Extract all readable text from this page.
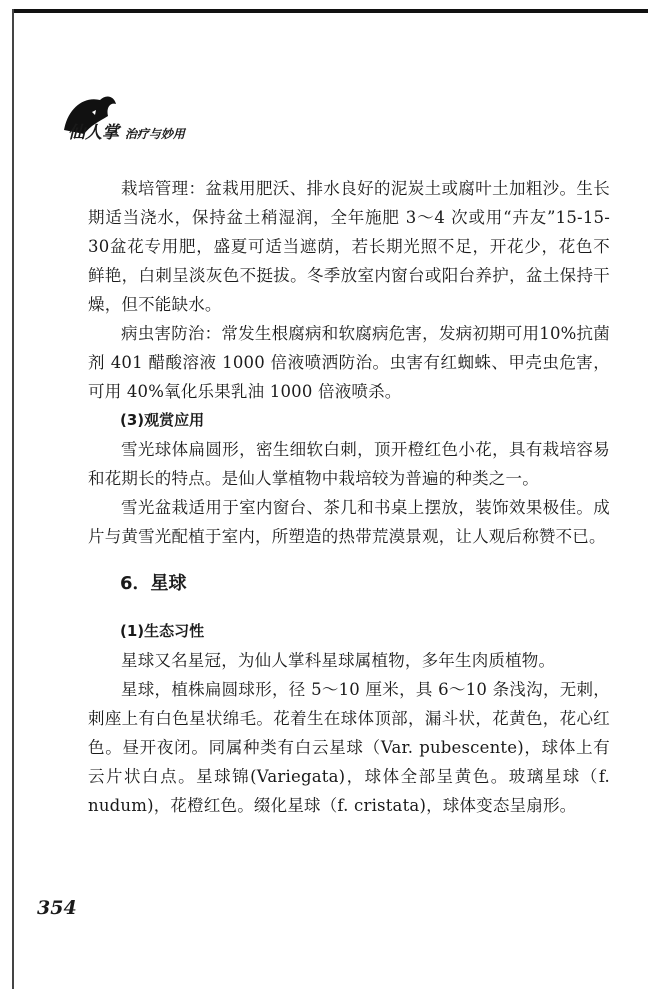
仙人掌 治疗与妙用

栽培管理：盆栽用肥沃、排水良好的泥炭土或腐叶土加粗沙。生长期适当浇水，保持盆土稍湿润，全年施肥 3～4 次或用“卉友”15-15-30盆花专用肥，盛夏可适当遮荫，若长期光照不足，开花少，花色不鲜艳，白刺呈淡灰色不挺拔。冬季放室内窗台或阳台养护，盆土保持干燥，但不能缺水。

病虫害防治：常发生根腐病和软腐病危害，发病初期可用10%抗菌剂 401 醋酸溶液 1000 倍液喷洒防治。虫害有红蜘蛛、甲壳虫危害，可用 40%氧化乐果乳油 1000 倍液喷杀。

(3)观赏应用

雪光球体扁圆形，密生细软白刺，顶开橙红色小花，具有栽培容易和花期长的特点。是仙人掌植物中栽培较为普遍的种类之一。

雪光盆栽适用于室内窗台、茶几和书桌上摆放，装饰效果极佳。成片与黄雪光配植于室内，所塑造的热带荒漠景观，让人观后称赞不已。

6．星球

(1)生态习性

星球又名星冠，为仙人掌科星球属植物，多年生肉质植物。

星球，植株扁圆球形，径 5～10 厘米，具 6～10 条浅沟，无刺，刺座上有白色星状绵毛。花着生在球体顶部，漏斗状，花黄色，花心红色。昼开夜闭。同属种类有白云星球（Var. pubescente)，球体上有云片状白点。星球锦(Variegata)，球体全部呈黄色。玻璃星球（f. nudum)，花橙红色。缀化星球（f. cristata)，球体变态呈扇形。

354
